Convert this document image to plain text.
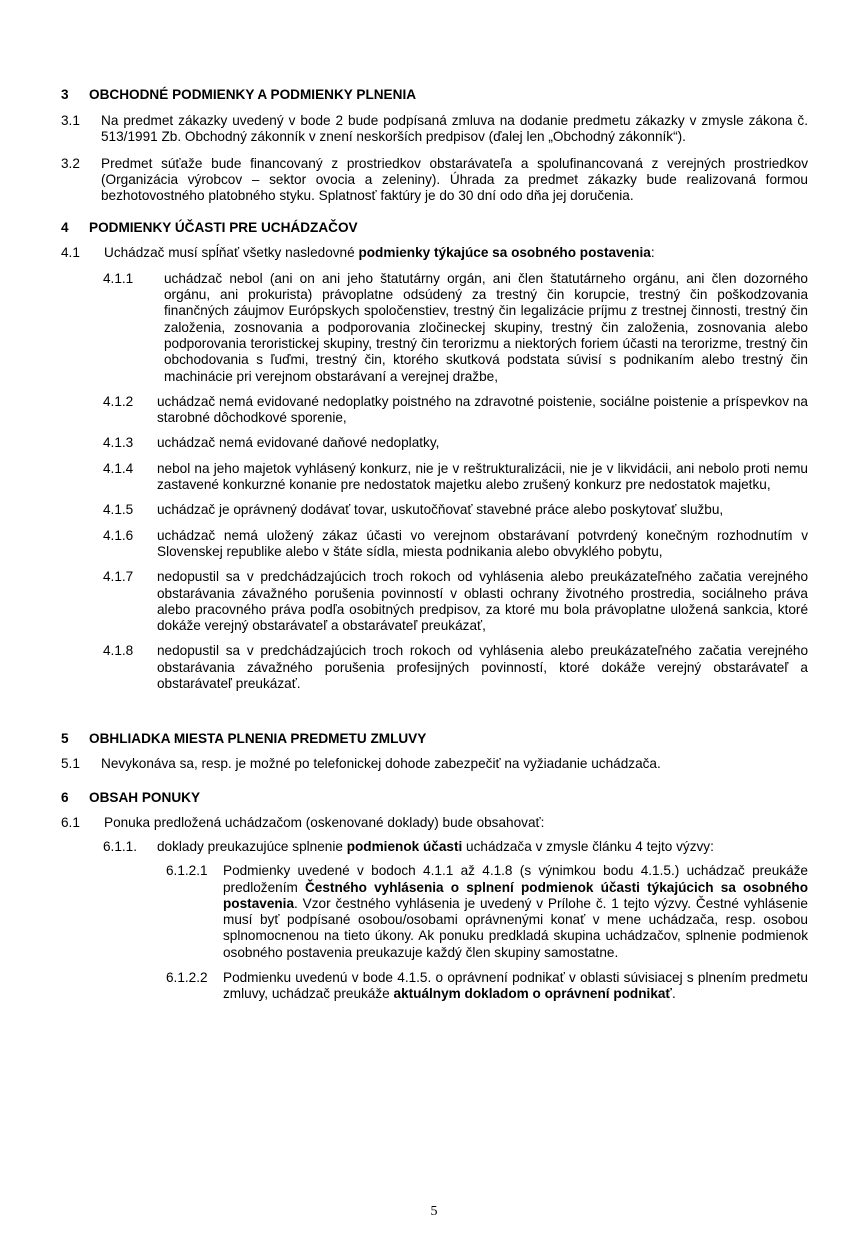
3 OBCHODNÉ PODMIENKY A PODMIENKY PLNENIA
3.1 Na predmet zákazky uvedený v bode 2 bude podpísaná zmluva na dodanie predmetu zákazky v zmysle zákona č. 513/1991 Zb. Obchodný zákonník v znení neskorších predpisov (ďalej len „Obchodný zákonník“).
3.2 Predmet súťaže bude financovaný z prostriedkov obstarávateľa a spolufinancovaná z verejných prostriedkov (Organizácia výrobcov – sektor ovocia a zeleniny). Úhrada za predmet zákazky bude realizovaná formou bezhotovostného platobného styku. Splatnosť faktúry je do 30 dní odo dňa jej doručenia.
4 PODMIENKY ÚČASTI PRE UCHÁDZAČOV
4.1 Uchádzač musí spĺňať všetky nasledovné podmienky týkajúce sa osobného postavenia:
4.1.1 uchádzač nebol (ani on ani jeho štatutárny orgán, ani člen štatutárneho orgánu, ani člen dozorného orgánu, ani prokurista) právoplatne odsúdený za trestný čin korupcie, trestný čin poškodzovania finančných záujmov Európskych spoločenstiev, trestný čin legalizácie príjmu z trestnej činnosti, trestný čin založenia, zosnovania a podporovania zločineckej skupiny, trestný čin založenia, zosnovania alebo podporovania teroristickej skupiny, trestný čin terorizmu a niektorých foriem účasti na terorizme, trestný čin obchodovania s ľuďmi, trestný čin, ktorého skutková podstata súvisí s podnikaním alebo trestný čin machinácie pri verejnom obstarávaní a verejnej dražbe,
4.1.2 uchádzač nemá evidované nedoplatky poistného na zdravotné poistenie, sociálne poistenie a príspevkov na starobné dôchodkové sporenie,
4.1.3 uchádzač nemá evidované daňové nedoplatky,
4.1.4 nebol na jeho majetok vyhlásený konkurz, nie je v reštrukturalizácii, nie je v likvidácii, ani nebolo proti nemu zastavené konkurzné konanie pre nedostatok majetku alebo zrušený konkurz pre nedostatok majetku,
4.1.5 uchádzač je oprávnený dodávať tovar, uskutočňovať stavebné práce alebo poskytovať službu,
4.1.6 uchádzač nemá uložený zákaz účasti vo verejnom obstarávaní potvrdený konečným rozhodnutím v Slovenskej republike alebo v štáte sídla, miesta podnikania alebo obvyklého pobytu,
4.1.7 nedopustil sa v predchádzajúcich troch rokoch od vyhlásenia alebo preukázateľného začatia verejného obstarávania závažného porušenia povinností v oblasti ochrany životného prostredia, sociálneho práva alebo pracovného práva podľa osobitných predpisov, za ktoré mu bola právoplatne uložená sankcia, ktoré dokáže verejný obstarávateľ a obstarávateľ preukázať,
4.1.8 nedopustil sa v predchádzajúcich troch rokoch od vyhlásenia alebo preukázateľného začatia verejného obstarávania závažného porušenia profesijných povinností, ktoré dokáže verejný obstarávateľ a obstarávateľ preukázať.
5 OBHLIADKA MIESTA PLNENIA PREDMETU ZMLUVY
5.1 Nevykonáva sa, resp. je možné po telefonickej dohode zabezpečiť na vyžiadanie uchádzača.
6 OBSAH PONUKY
6.1 Ponuka predložená uchádzačom (oskenované doklady) bude obsahovať:
6.1.1. doklady preukazujúce splnenie podmienok účasti uchádzača v zmysle článku 4 tejto výzvy:
6.1.2.1 Podmienky uvedené v bodoch 4.1.1 až 4.1.8 (s výnimkou bodu 4.1.5.) uchádzač preukáže predložením Čestného vyhlásenia o splnení podmienok účasti týkajúcich sa osobného postavenia. Vzor čestného vyhlásenia je uvedený v Prílohe č. 1 tejto výzvy. Čestné vyhlásenie musí byť podpísané osobou/osobami oprávnenými konať v mene uchádzača, resp. osobou splnomocnenou na tieto úkony. Ak ponuku predkladá skupina uchádzačov, splnenie podmienok osobného postavenia preukazuje každý člen skupiny samostatne.
6.1.2.2 Podmienku uvedenú v bode 4.1.5. o oprávnení podnikať v oblasti súvisiacej s plnením predmetu zmluvy, uchádzač preukáže aktuálnym dokladom o oprávnení podnikať.
5
